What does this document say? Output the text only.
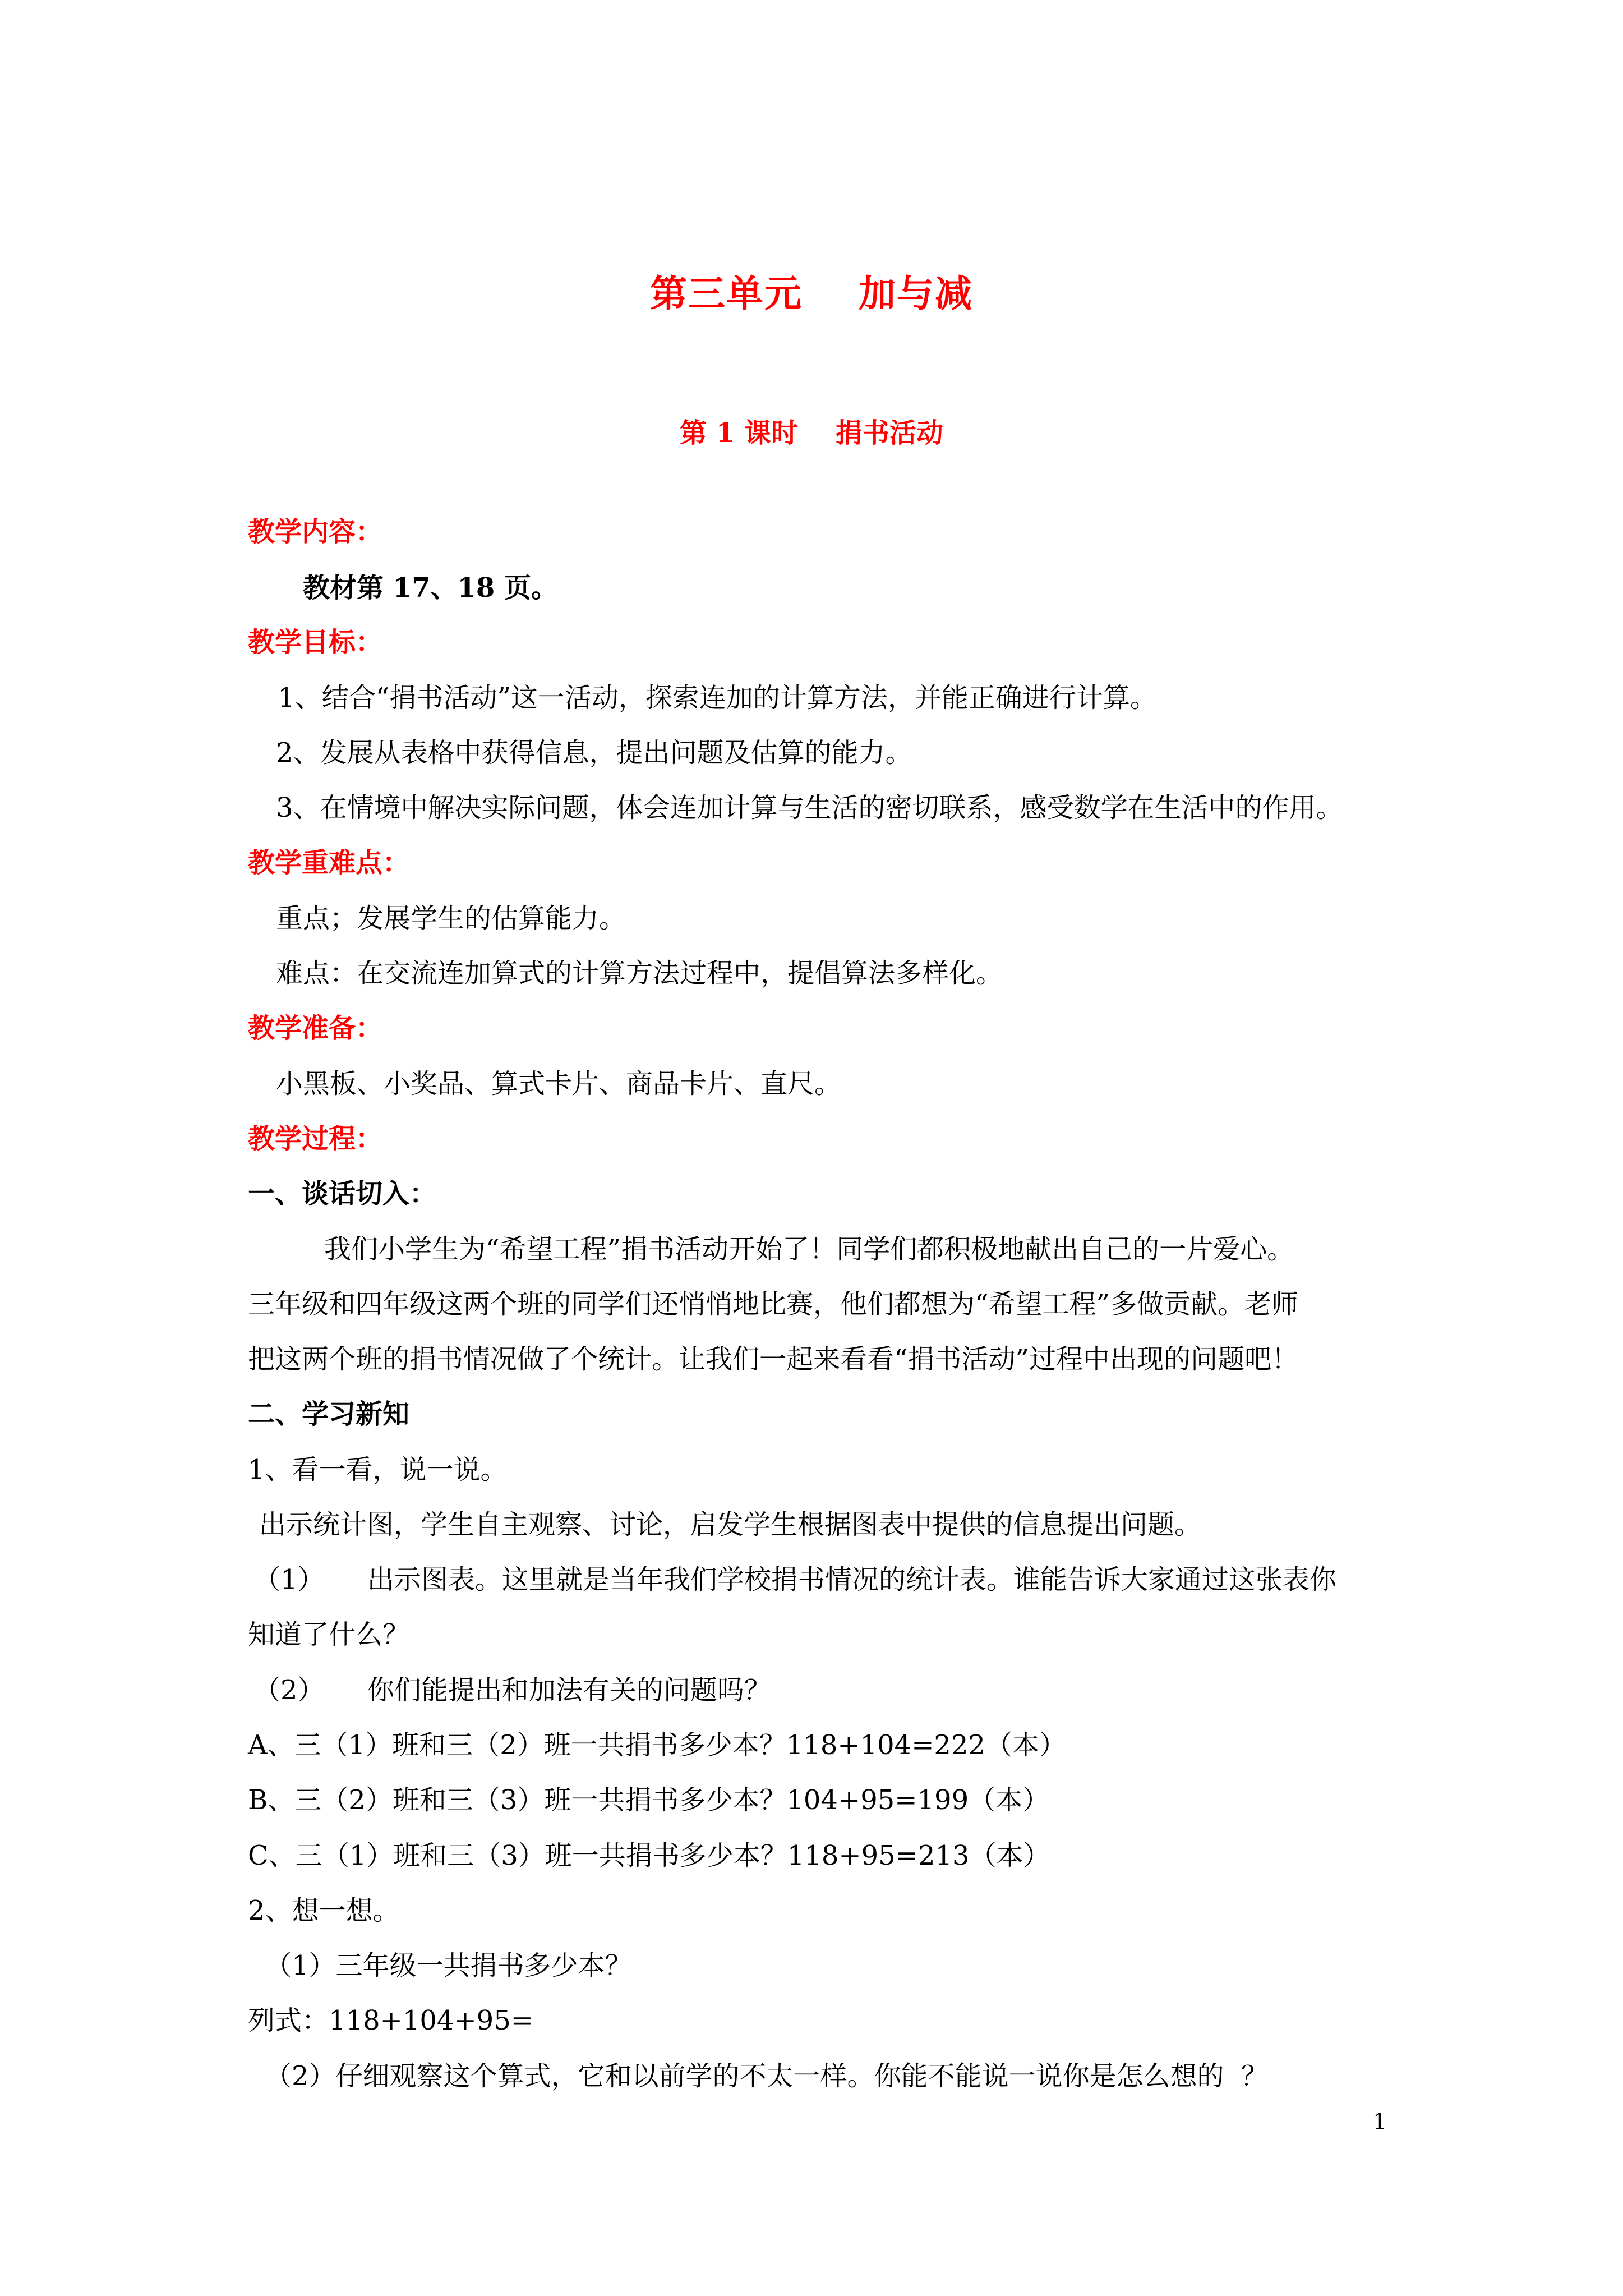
第三单元    加与减
第 1 课时    捐书活动
教学内容：
教材第 17、18 页。
教学目标：
1、结合“捐书活动”这一活动，探索连加的计算方法，并能正确进行计算。
2、发展从表格中获得信息，提出问题及估算的能力。
3、在情境中解决实际问题，体会连加计算与生活的密切联系，感受数学在生活中的作用。
教学重难点：
重点；发展学生的估算能力。
难点：在交流连加算式的计算方法过程中，提倡算法多样化。
教学准备：
小黑板、小奖品、算式卡片、商品卡片、直尺。
教学过程：
一、谈话切入：
我们小学生为“希望工程”捐书活动开始了！同学们都积极地献出自己的一片爱心。
三年级和四年级这两个班的同学们还悄悄地比赛，他们都想为“希望工程”多做贡献。老师
把这两个班的捐书情况做了个统计。让我们一起来看看“捐书活动”过程中出现的问题吧！
二、学习新知
1、看一看，说一说。
出示统计图，学生自主观察、讨论，启发学生根据图表中提供的信息提出问题。
（1）     出示图表。这里就是当年我们学校捐书情况的统计表。谁能告诉大家通过这张表你
知道了什么？
（2）     你们能提出和加法有关的问题吗？
A、三（1）班和三（2）班一共捐书多少本？118+104=222（本）
B、三（2）班和三（3）班一共捐书多少本？104+95=199（本）
C、三（1）班和三（3）班一共捐书多少本？118+95=213（本）
2、想一想。
（1）三年级一共捐书多少本？
列式：118+104+95=
（2）仔细观察这个算式，它和以前学的不太一样。你能不能说一说你是怎么想的  ？
1
